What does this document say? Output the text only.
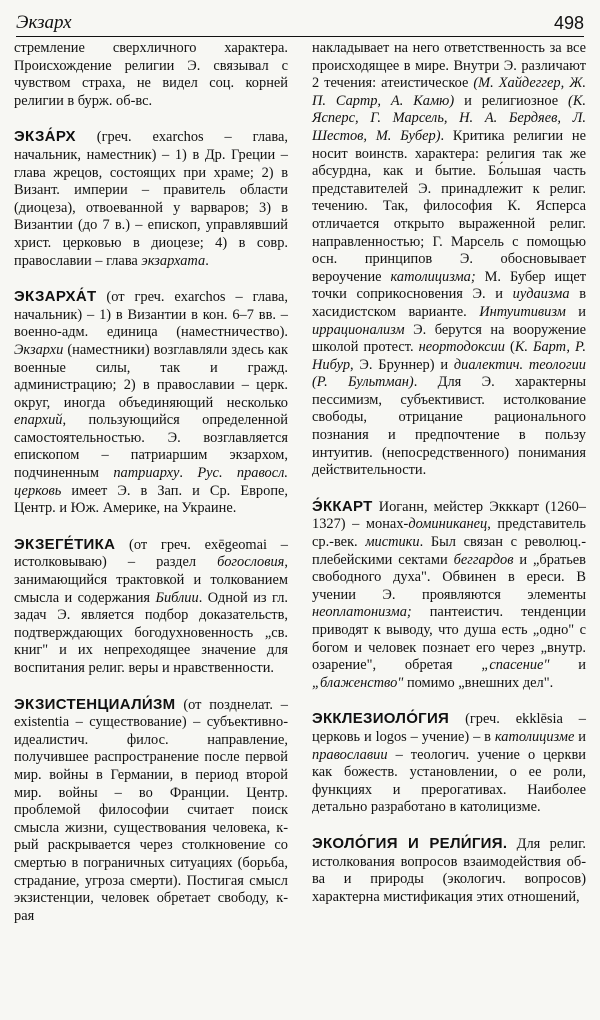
Экзарх	498

стремление сверхличного характера. Происхождение религии Э. связывал с чувством страха, не видел соц. корней религии в бурж. об-вс.

ЭКЗА́РХ (греч. exarchos – глава, начальник, наместник) – 1) в Др. Греции – глава жрецов, состоящих при храме; 2) в Визант. империи – правитель области (диоцеза), отвоеванной у варваров; 3) в Византии (до 7 в.) – епископ, управлявший христ. церковью в диоцезе; 4) в совр. православии – глава экзархата.

ЭКЗАРХА́Т (от греч. exarchos – глава, начальник) – 1) в Византии в кон. 6–7 вв. – военно-адм. единица (наместничество). Экзархи (наместники) возглавляли здесь как военные силы, так и гражд. администрацию; 2) в православии – церк. округ, иногда объединяющий несколько епархий, пользующийся определенной самостоятельностью. Э. возглавляется епископом – патриаршим экзархом, подчиненным патриарху. Рус. правосл. церковь имеет Э. в Зап. и Ср. Европе, Центр. и Юж. Америке, на Украине.

ЭКЗЕГЕ́ТИКА (от греч. exēgeomai – истолковываю) – раздел богословия, занимающийся трактовкой и толкованием смысла и содержания Библии. Одной из гл. задач Э. является подбор доказательств, подтверждающих богодухновенность „св. книг" и их непреходящее значение для воспитания религ. веры и нравственности.

ЭКЗИСТЕНЦИАЛИ́ЗМ (от позднелат. – existentia – существование) – субъективно-идеалистич. филос. направление, получившее распространение после первой мир. войны в Германии, в период второй мир. войны – во Франции. Центр. проблемой философии считает поиск смысла жизни, существования человека, к-рый раскрывается через столкновение со смертью в пограничных ситуациях (борьба, страдание, угроза смерти). Постигая смысл экзистенции, человек обретает свободу, к-рая

накладывает на него ответственность за все происходящее в мире. Внутри Э. различают 2 течения: атеистическое (М. Хайдеггер, Ж. П. Сартр, А. Камю) и религиозное (К. Ясперс, Г. Марсель, Н. А. Бердяев, Л. Шестов, М. Бубер). Критика религии не носит воинств. характера: религия так же абсурдна, как и бытие. Бо́льшая часть представителей Э. принадлежит к религ. течению. Так, философия К. Ясперса отличается открыто выраженной религ. направленностью; Г. Марсель с помощью осн. принципов Э. обосновывает вероучение католицизма; М. Бубер ищет точки соприкосновения Э. и иудаизма в хасидистском варианте. Интуитивизм и иррационализм Э. берутся на вооружение школой протест. неортодоксии (К. Барт, Р. Нибур, Э. Бруннер) и диалектич. теологии (Р. Бультман). Для Э. характерны пессимизм, субъективист. истолкование свободы, отрицание рационального познания и предпочтение в пользу интуитив. (непосредственного) понимания действительности.

Э́ККАРТ Иоганн, мейстер Экккарт (1260–1327) – монах-доминиканец, представитель ср.-век. мистики. Был связан с революц.-плебейскими сектами беггардов и „братьев свободного духа". Обвинен в ереси. В учении Э. проявляются элементы неоплатонизма; пантеистич. тенденции приводят к выводу, что душа есть „одно" с богом и человек познает его через „внутр. озарение", обретая „спасение" и „блаженство" помимо „внешних дел".

ЭККЛЕЗИОЛО́ГИЯ (греч. ekklēsia – церковь и logos – учение) – в католицизме и православии – теологич. учение о церкви как божеств. установлении, о ее роли, функциях и прерогативах. Наиболее детально разработано в католицизме.

ЭКОЛО́ГИЯ И РЕЛИ́ГИЯ. Для религ. истолкования вопросов взаимодействия об-ва и природы (экологич. вопросов) характерна мистификация этих отношений,
